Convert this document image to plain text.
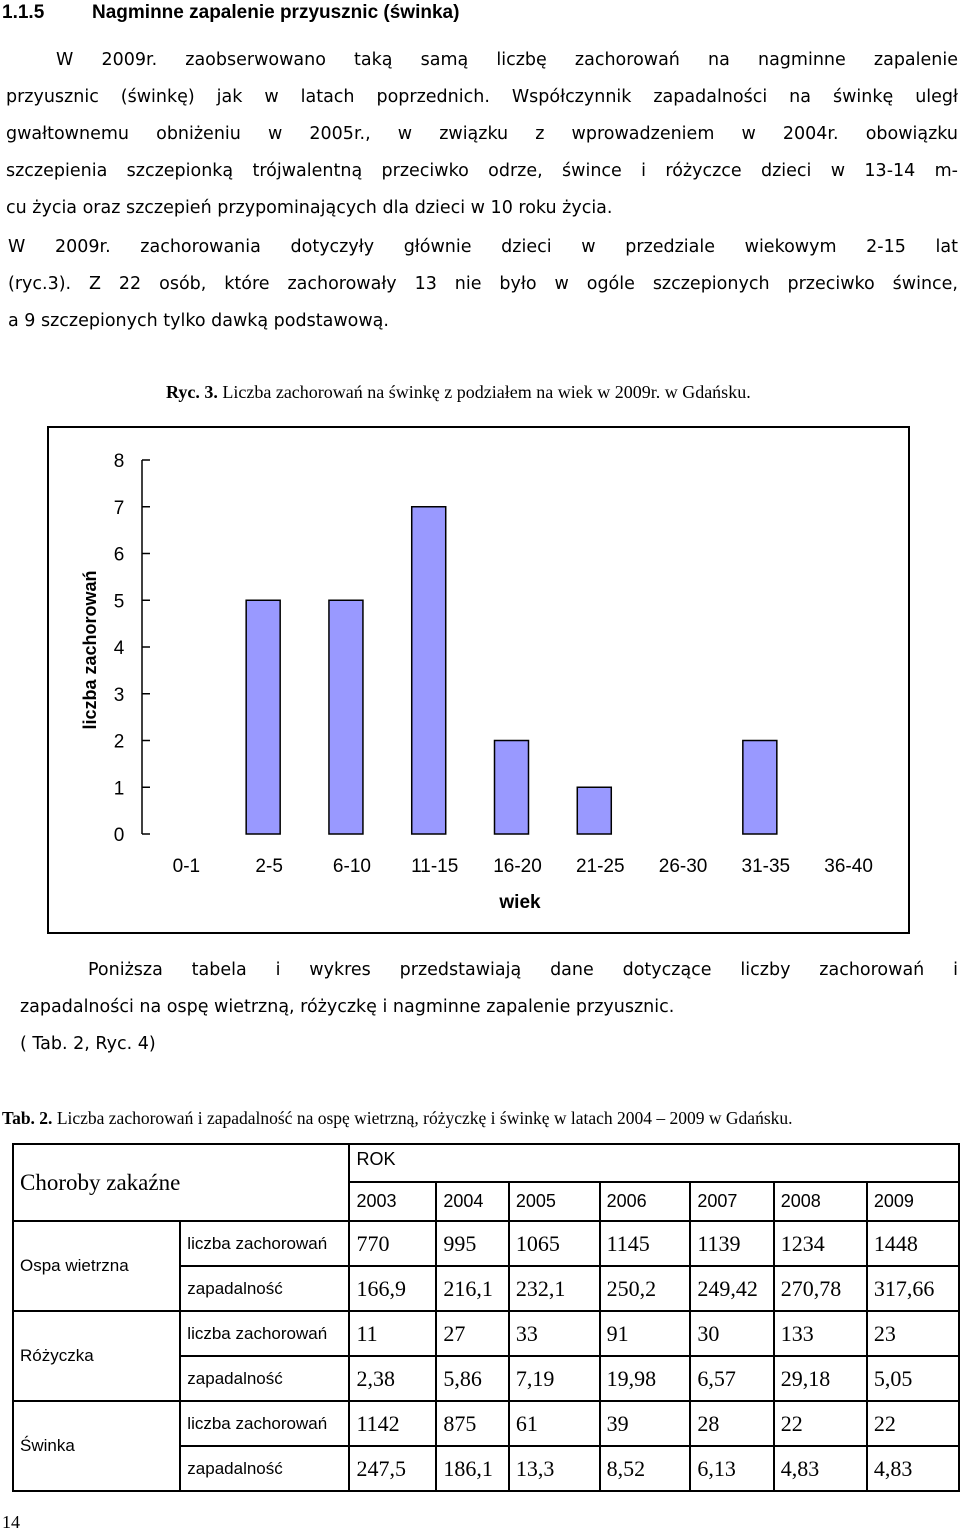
1.1.5	Nagminne zapalenie przyusznic (świnka)
W 2009r. zaobserwowano taką samą liczbę zachorowań na nagminne zapalenie
przyusznic (świnkę) jak w latach poprzednich. Współczynnik zapadalności na świnkę uległ
gwałtownemu obniżeniu w 2005r., w związku z wprowadzeniem w 2004r. obowiązku
szczepienia szczepionką trójwalentną przeciwko odrze, śwince i różyczce dzieci w 13-14 m-
cu życia oraz szczepień przypominających dla dzieci w 10 roku życia.
W 2009r. zachorowania dotyczyły głównie dzieci w przedziale wiekowym 2-15 lat
(ryc.3). Z 22 osób, które zachorowały 13 nie było w ogóle szczepionych przeciwko śwince,
a 9 szczepionych tylko dawką podstawową.
Ryc. 3. Liczba zachorowań na świnkę z podziałem na wiek w 2009r. w Gdańsku.
0
1
2
3
4
5
6
7
8
0-1	2-5	6-10 11-15 16-20 21-25 26-30 31-35 36-40
wiek
liczba zachorowań
Poniższa tabela i wykres przedstawiają dane dotyczące liczby zachorowań i
zapadalności na ospę wietrzną, różyczkę i nagminne zapalenie przyusznic.
( Tab. 2, Ryc. 4)
Tab. 2. Liczba zachorowań i zapadalność na ospę wietrzną, różyczkę i świnkę w latach 2004 – 2009 w Gdańsku.
Choroby zakaźne		ROK						
		2003	2004	2005	2006	2007	2008	2009
Ospa wietrzna	liczba zachorowań	770	995	1065	1145	1139	1234	1448
	zapadalność	166,9	216,1	232,1	250,2	249,42	270,78	317,66
Różyczka	liczba zachorowań	11	27	33	91	30	133	23
	zapadalność	2,38	5,86	7,19	19,98	6,57	29,18	5,05
Świnka	liczba zachorowań	1142	875	61	39	28	22	22
	zapadalność	247,5	186,1	13,3	8,52	6,13	4,83	4,83
14
